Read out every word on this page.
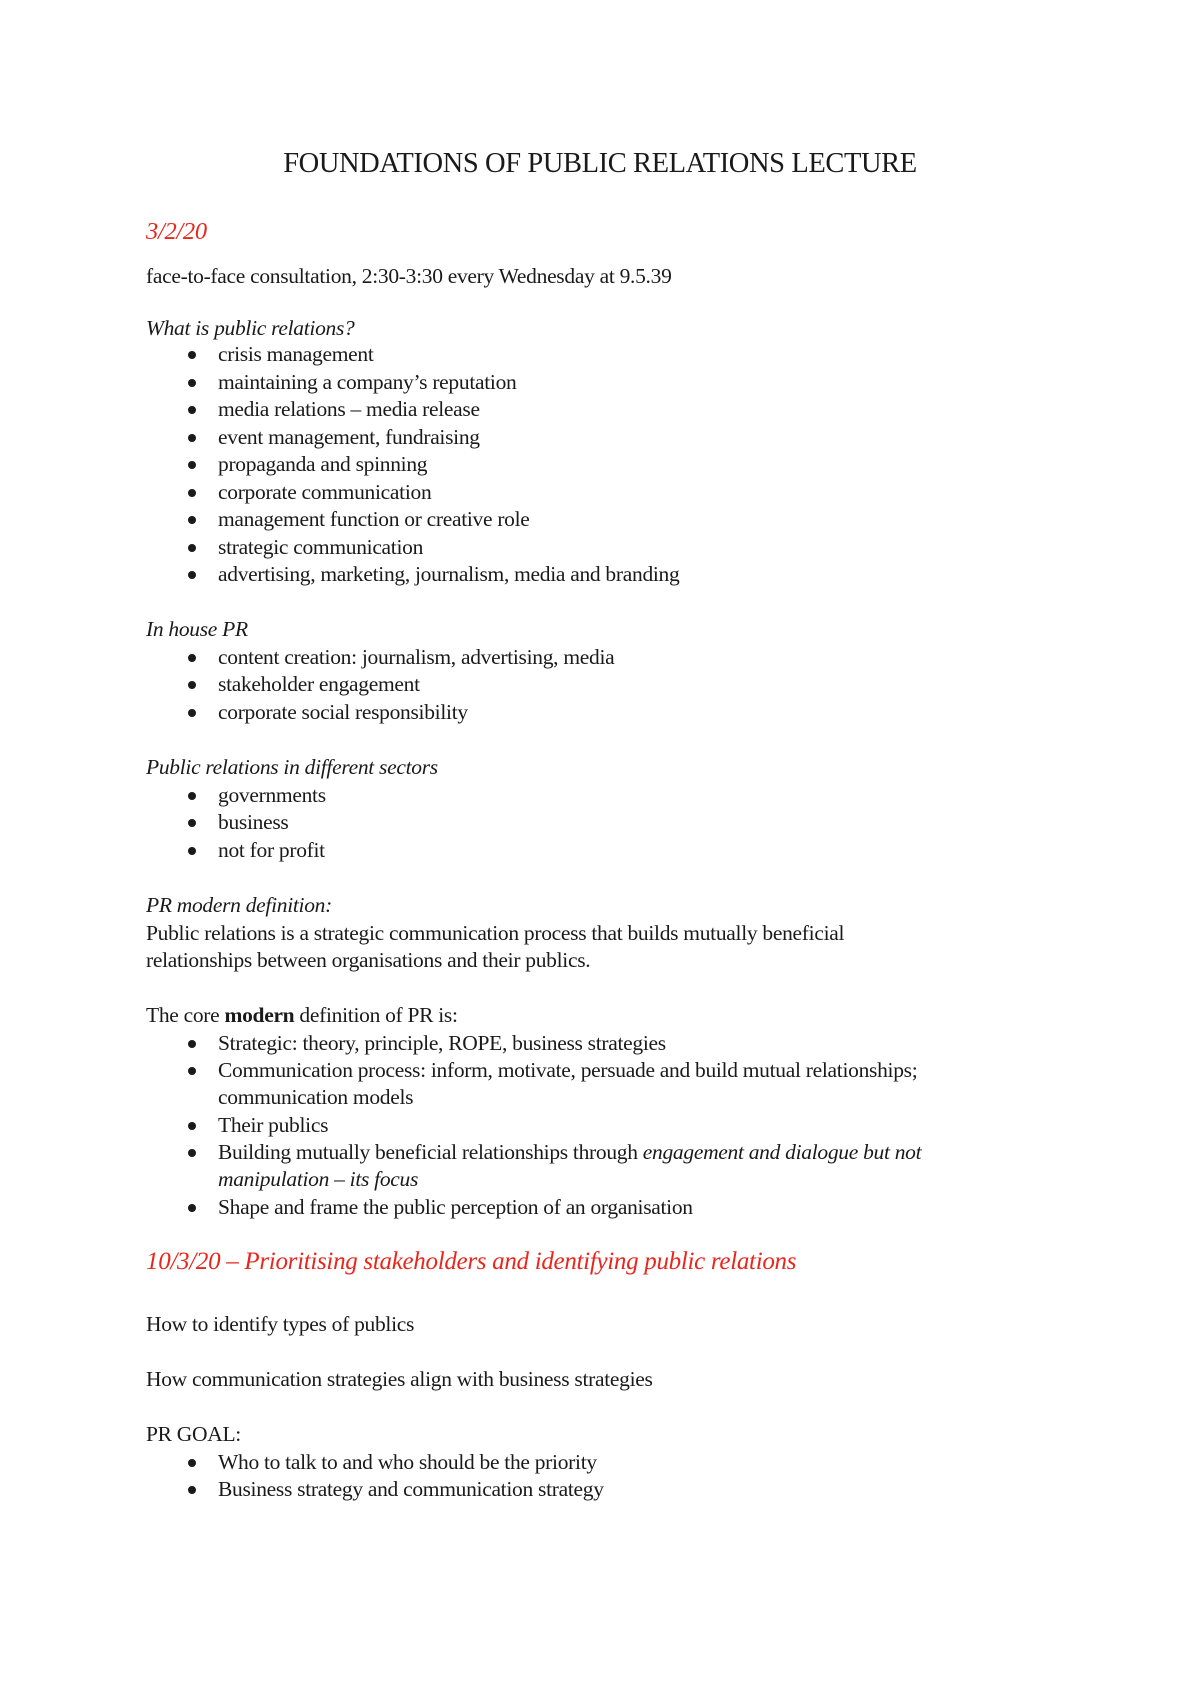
FOUNDATIONS OF PUBLIC RELATIONS LECTURE

3/2/20

face-to-face consultation, 2:30-3:30 every Wednesday at 9.5.39

What is public relations?

crisis management

maintaining a company’s reputation

media relations – media release

event management, fundraising

propaganda and spinning

corporate communication

management function or creative role

strategic communication

advertising, marketing, journalism, media and branding

In house PR

content creation: journalism, advertising, media

stakeholder engagement

corporate social responsibility

Public relations in different sectors

governments

business

not for profit

PR modern definition:

Public relations is a strategic communication process that builds mutually beneficial

relationships between organisations and their publics.

The core modern definition of PR is:

Strategic: theory, principle, ROPE, business strategies

Communication process: inform, motivate, persuade and build mutual relationships;

communication models

Their publics

Building mutually beneficial relationships through engagement and dialogue but not

manipulation – its focus

Shape and frame the public perception of an organisation

10/3/20 – Prioritising stakeholders and identifying public relations

How to identify types of publics

How communication strategies align with business strategies

PR GOAL:

Who to talk to and who should be the priority

Business strategy and communication strategy
